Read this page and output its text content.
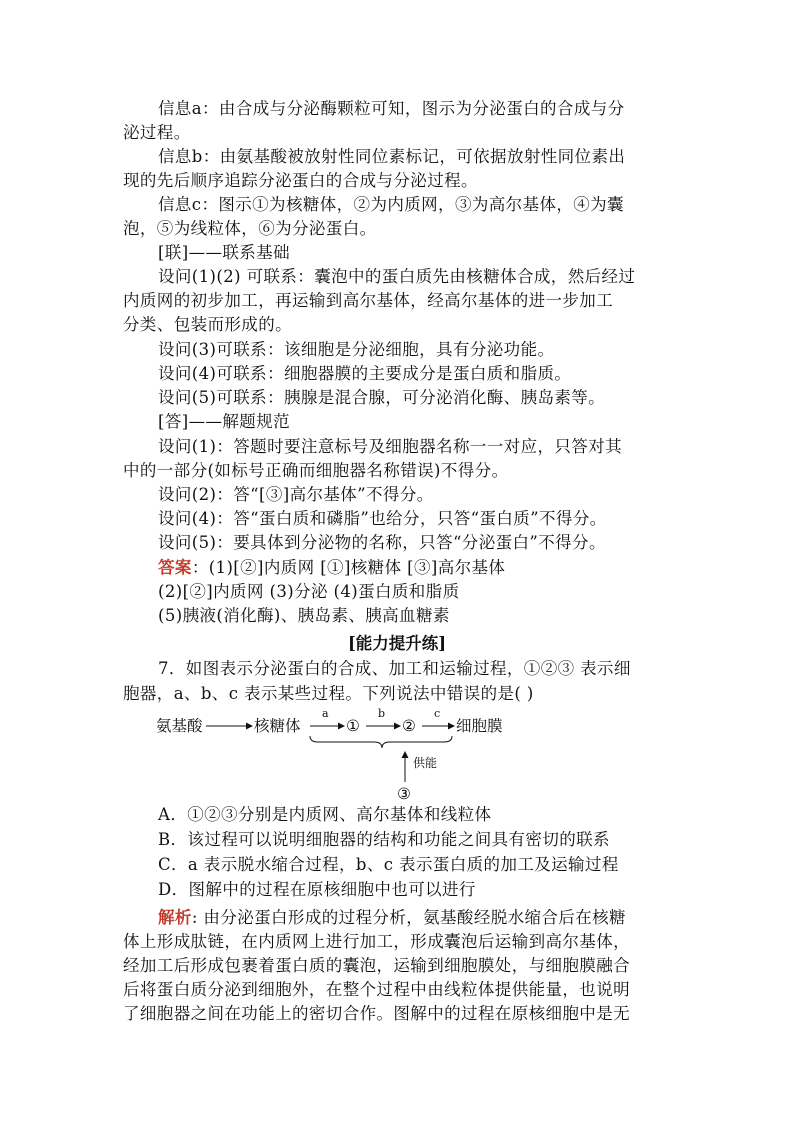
信息a：由合成与分泌酶颗粒可知，图示为分泌蛋白的合成与分
泌过程。
信息b：由氨基酸被放射性同位素标记，可依据放射性同位素出
现的先后顺序追踪分泌蛋白的合成与分泌过程。
信息c：图示①为核糖体，②为内质网，③为高尔基体，④为囊
泡，⑤为线粒体，⑥为分泌蛋白。
[联]——联系基础
设问(1)(2) 可联系：囊泡中的蛋白质先由核糖体合成，然后经过
内质网的初步加工，再运输到高尔基体，经高尔基体的进一步加工
分类、包装而形成的。
设问(3)可联系：该细胞是分泌细胞，具有分泌功能。
设问(4)可联系：细胞器膜的主要成分是蛋白质和脂质。
设问(5)可联系：胰腺是混合腺，可分泌消化酶、胰岛素等。
[答]——解题规范
设问(1)：答题时要注意标号及细胞器名称一一对应，只答对其
中的一部分(如标号正确而细胞器名称错误)不得分。
设问(2)：答“[③]高尔基体”不得分。
设问(4)：答“蛋白质和磷脂”也给分，只答“蛋白质”不得分。
设问(5)：要具体到分泌物的名称，只答“分泌蛋白”不得分。
答案：(1)[②]内质网 [①]核糖体 [③]高尔基体
(2)[②]内质网 (3)分泌 (4)蛋白质和脂质
(5)胰液(消化酶)、胰岛素、胰高血糖素
[能力提升练]
7．如图表示分泌蛋白的合成、加工和运输过程，①②③ 表示细
胞器，a、b、c 表示某些过程。下列说法中错误的是( )
氨基酸	核糖体	①	②	细胞膜
a	b	c
供能
③
A．①②③分别是内质网、高尔基体和线粒体
B．该过程可以说明细胞器的结构和功能之间具有密切的联系
C．a 表示脱水缩合过程，b、c 表示蛋白质的加工及运输过程
D．图解中的过程在原核细胞中也可以进行
解析: 由分泌蛋白形成的过程分析，氨基酸经脱水缩合后在核糖
体上形成肽链，在内质网上进行加工，形成囊泡后运输到高尔基体，
经加工后形成包裹着蛋白质的囊泡，运输到细胞膜处，与细胞膜融合
后将蛋白质分泌到细胞外，在整个过程中由线粒体提供能量，也说明
了细胞器之间在功能上的密切合作。图解中的过程在原核细胞中是无
